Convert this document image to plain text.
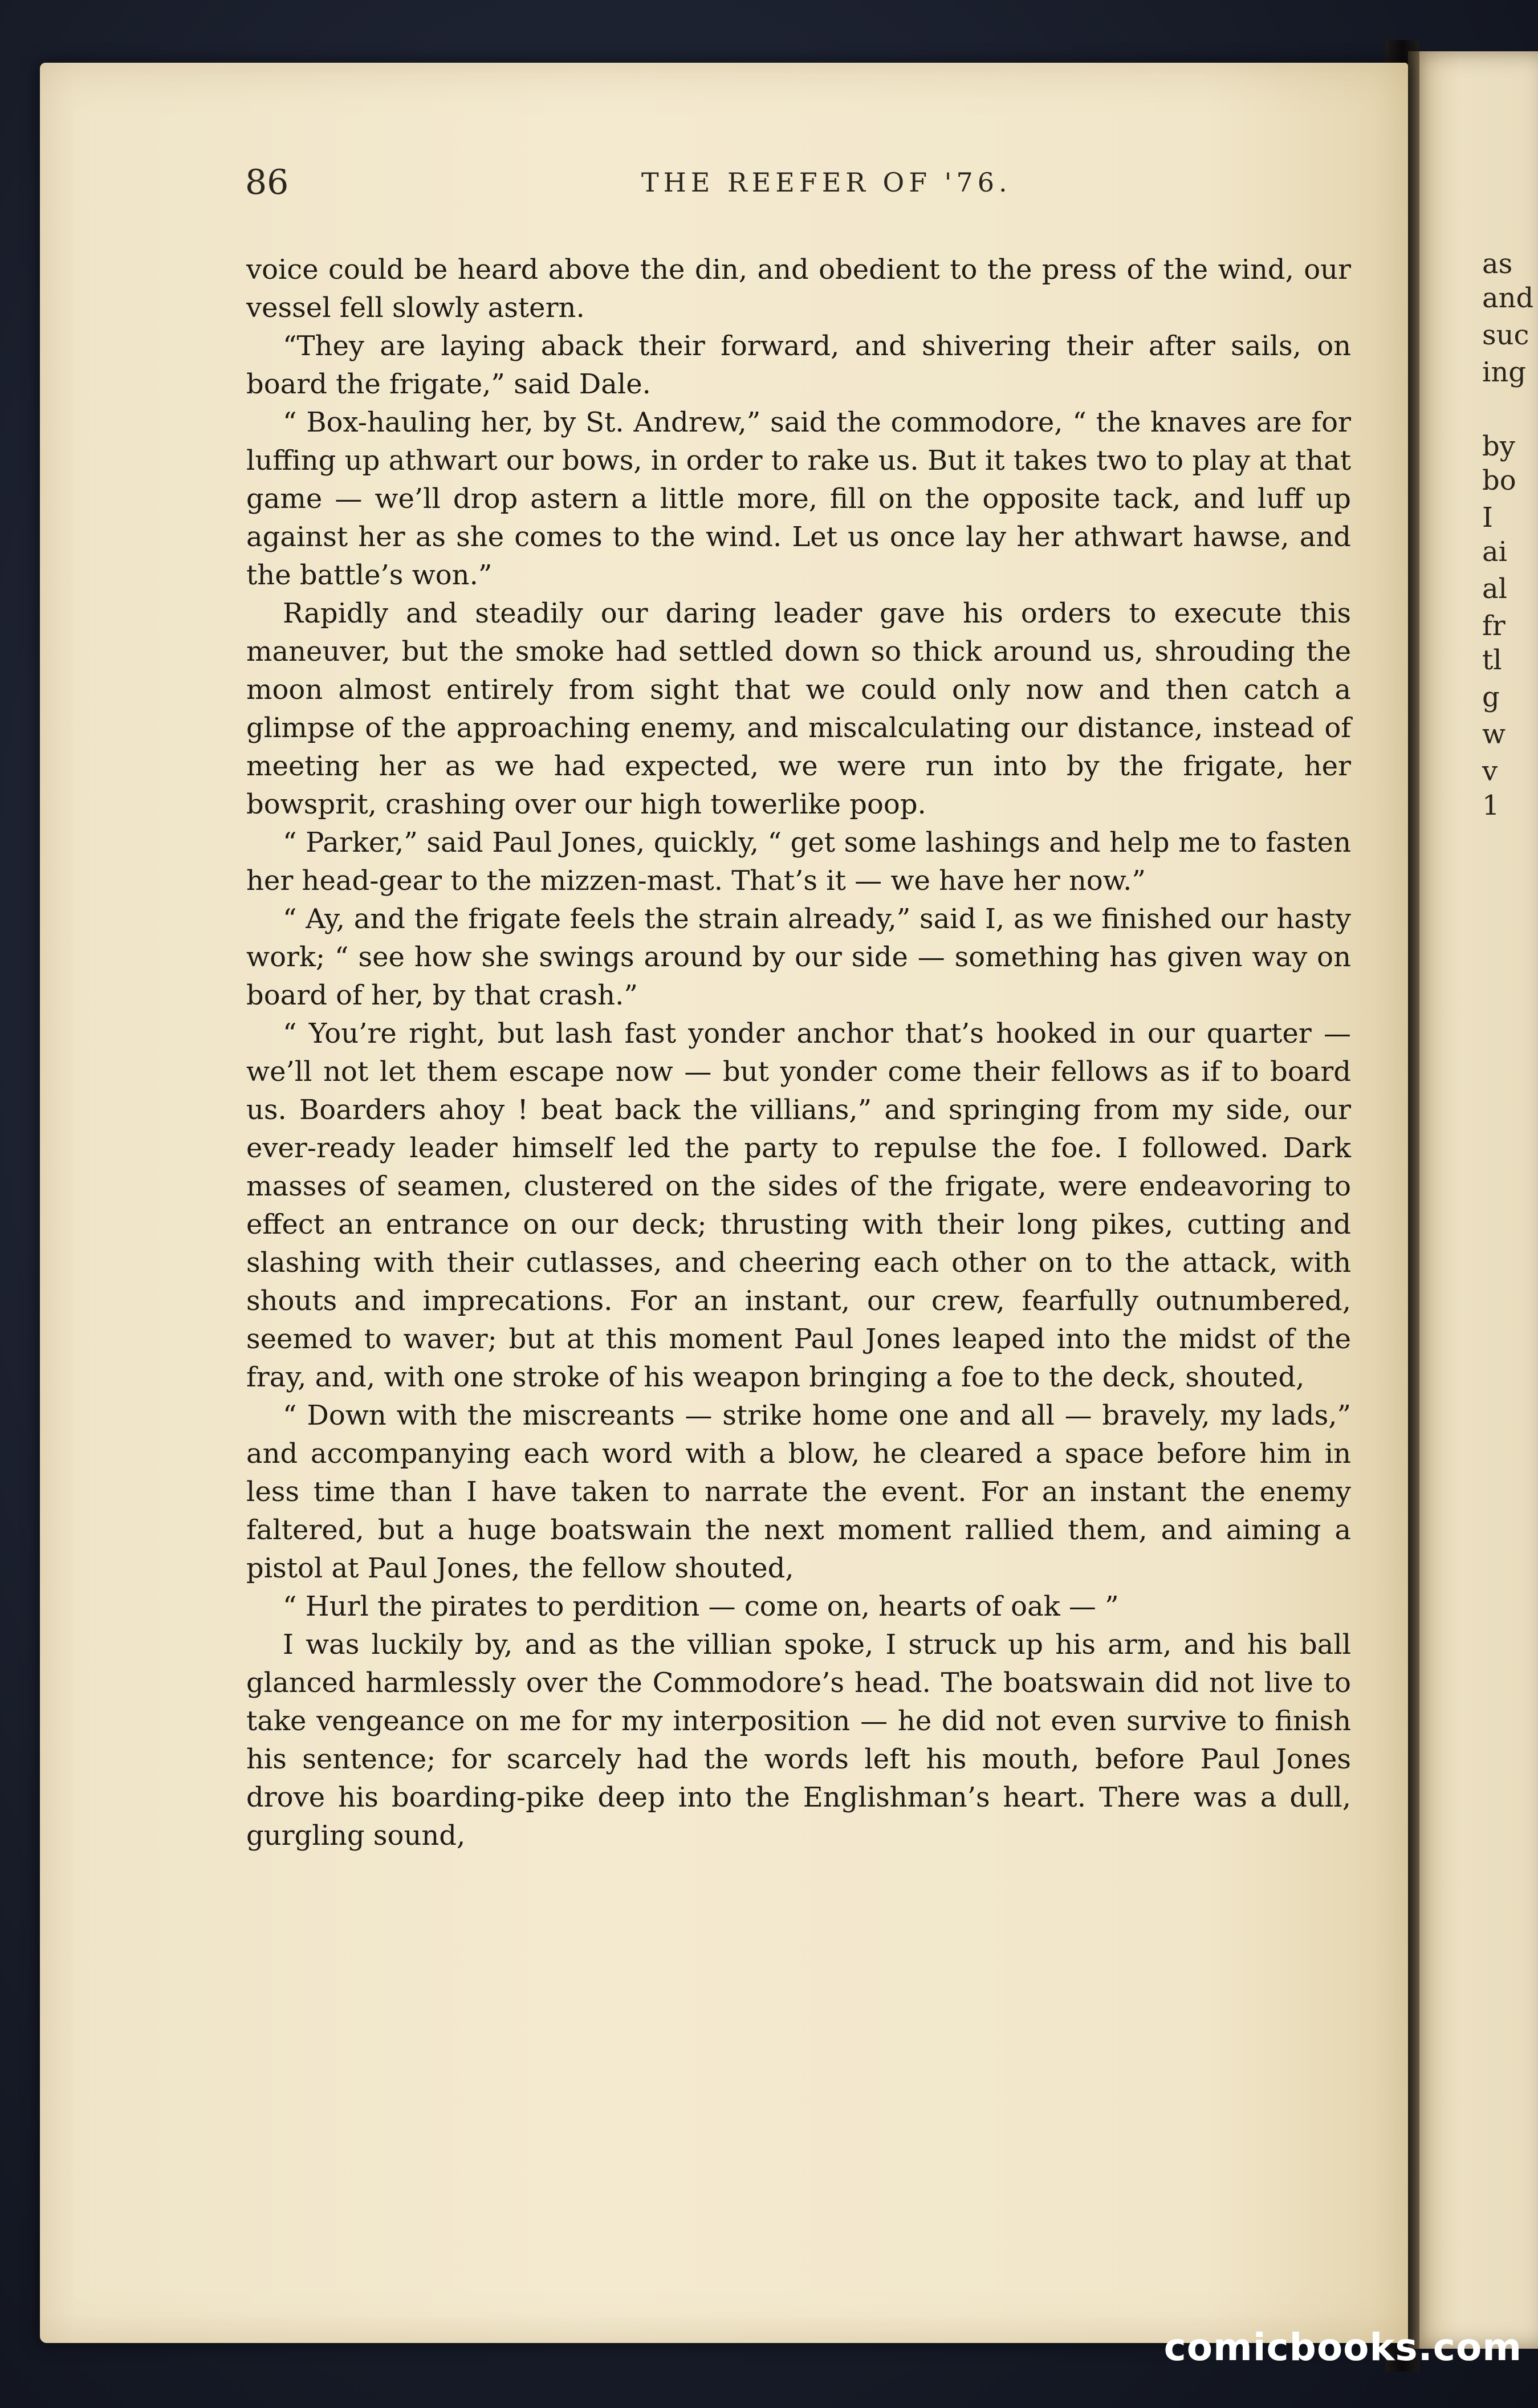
as
and
suc
ing
by
bo
I
ai
al
fr
tl
g
w
v
1
86	THE REEFER OF '76.

voice could be heard above the din, and obedient to the press of the wind, our vessel fell slowly astern.

“They are laying aback their forward, and shivering their after sails, on board the frigate,” said Dale.

“ Box-hauling her, by St. Andrew,” said the commodore, “ the knaves are for luffing up athwart our bows, in order to rake us. But it takes two to play at that game — we’ll drop astern a little more, fill on the opposite tack, and luff up against her as she comes to the wind. Let us once lay her athwart hawse, and the battle’s won.”

Rapidly and steadily our daring leader gave his orders to execute this maneuver, but the smoke had settled down so thick around us, shrouding the moon almost entirely from sight that we could only now and then catch a glimpse of the approaching enemy, and miscalculating our distance, instead of meeting her as we had expected, we were run into by the frigate, her bowsprit, crashing over our high towerlike poop.

“ Parker,” said Paul Jones, quickly, “ get some lashings and help me to fasten her head-gear to the mizzen-mast. That’s it — we have her now.”

“ Ay, and the frigate feels the strain already,” said I, as we finished our hasty work; “ see how she swings around by our side — something has given way on board of her, by that crash.”

“ You’re right, but lash fast yonder anchor that’s hooked in our quarter — we’ll not let them escape now — but yonder come their fellows as if to board us. Boarders ahoy ! beat back the villians,” and springing from my side, our ever-ready leader himself led the party to repulse the foe. I followed. Dark masses of seamen, clustered on the sides of the frigate, were endeavoring to effect an entrance on our deck; thrusting with their long pikes, cutting and slashing with their cutlasses, and cheering each other on to the attack, with shouts and imprecations. For an instant, our crew, fearfully outnumbered, seemed to waver; but at this moment Paul Jones leaped into the midst of the fray, and, with one stroke of his weapon bringing a foe to the deck, shouted,

“ Down with the miscreants — strike home one and all — bravely, my lads,” and accompanying each word with a blow, he cleared a space before him in less time than I have taken to narrate the event. For an instant the enemy faltered, but a huge boatswain the next moment rallied them, and aiming a pistol at Paul Jones, the fellow shouted,

“ Hurl the pirates to perdition — come on, hearts of oak — ”

I was luckily by, and as the villian spoke, I struck up his arm, and his ball glanced harmlessly over the Commodore’s head. The boatswain did not live to take vengeance on me for my interposition — he did not even survive to finish his sentence; for scarcely had the words left his mouth, before Paul Jones drove his boarding-pike deep into the Englishman’s heart. There was a dull, gurgling sound,

comicbooks.com
